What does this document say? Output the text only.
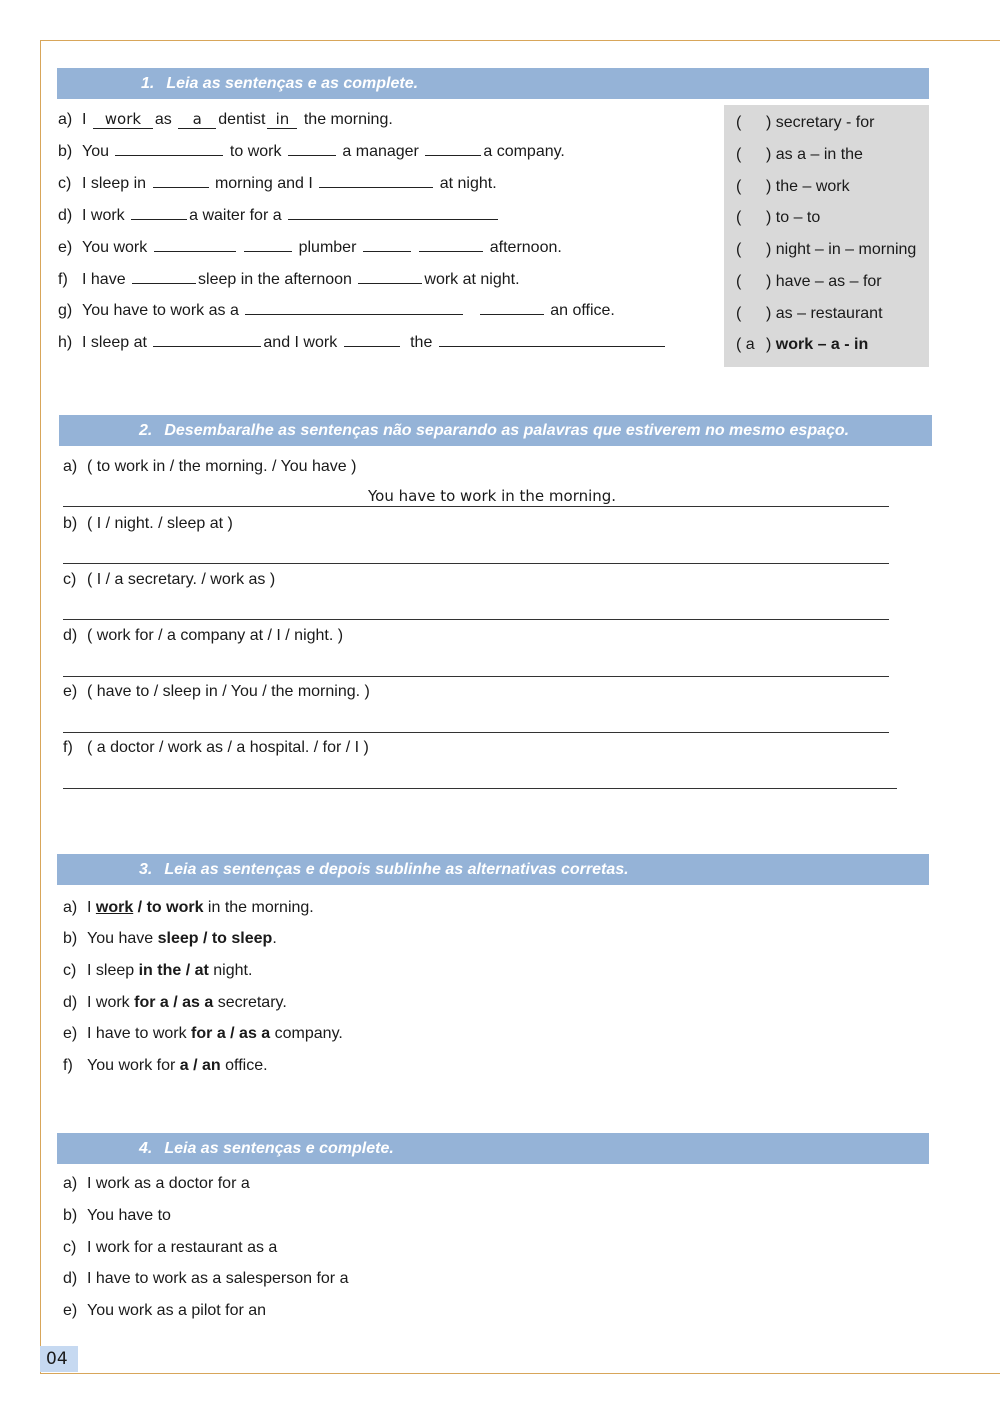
1. Leia as sentenças e as complete.
a) I work as a dentist in the morning.
b) You	to work	a manager	a company.
c) I sleep in	morning and I	at night.
d) I work	a waiter for a
e) You work	plumber	afternoon.
f) I have	sleep in the afternoon	work at night.
g) You have to work as a	an office.
h) I sleep at	and I work	the
( ) secretary - for
( ) as a – in the
( ) the – work
( ) to – to
( ) night – in – morning
( ) have – as – for
( ) as – restaurant
( a ) work – a - in
2. Desembaralhe as sentenças não separando as palavras que estiverem no mesmo espaço.
a) ( to work in / the morning. / You have )
You have to work in the morning.
b) ( I / night. / sleep at )
c) ( I / a secretary. / work as )
d) ( work for / a company at / I / night. )
e) ( have to / sleep in / You / the morning. )
f) ( a doctor / work as / a hospital. / for / I )
3. Leia as sentenças e depois sublinhe as alternativas corretas.
a) I work / to work in the morning.
b) You have sleep / to sleep.
c) I sleep in the / at night.
d) I work for a / as a secretary.
e) I have to work for a / as a company.
f) You work for a / an office.
4. Leia as sentenças e complete.
a) I work as a doctor for a
b) You have to
c) I work for a restaurant as a
d) I have to work as a salesperson for a
e) You work as a pilot for an
04
